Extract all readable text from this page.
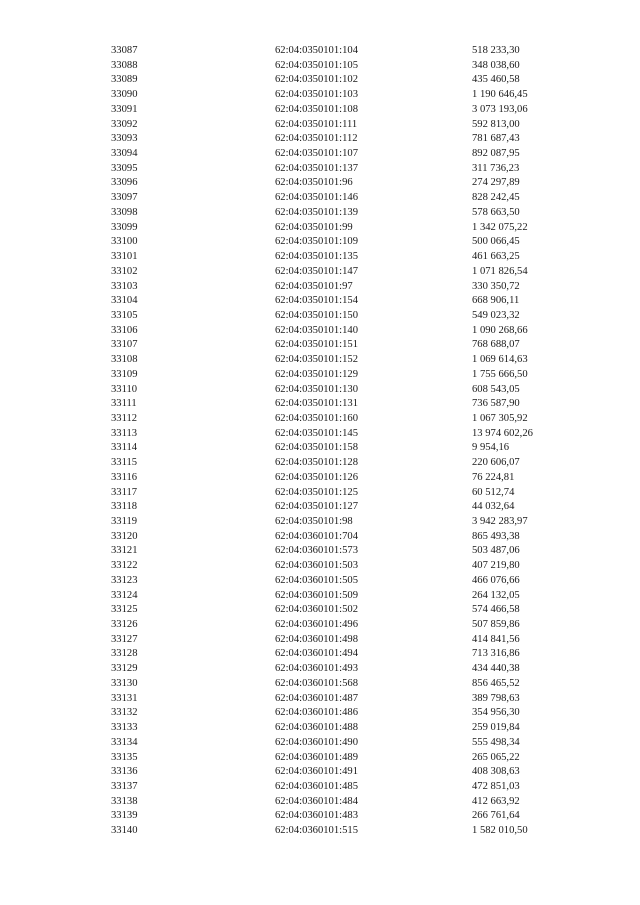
33087	62:04:0350101:104	518 233,30
33088	62:04:0350101:105	348 038,60
33089	62:04:0350101:102	435 460,58
33090	62:04:0350101:103	1 190 646,45
33091	62:04:0350101:108	3 073 193,06
33092	62:04:0350101:111	592 813,00
33093	62:04:0350101:112	781 687,43
33094	62:04:0350101:107	892 087,95
33095	62:04:0350101:137	311 736,23
33096	62:04:0350101:96	274 297,89
33097	62:04:0350101:146	828 242,45
33098	62:04:0350101:139	578 663,50
33099	62:04:0350101:99	1 342 075,22
33100	62:04:0350101:109	500 066,45
33101	62:04:0350101:135	461 663,25
33102	62:04:0350101:147	1 071 826,54
33103	62:04:0350101:97	330 350,72
33104	62:04:0350101:154	668 906,11
33105	62:04:0350101:150	549 023,32
33106	62:04:0350101:140	1 090 268,66
33107	62:04:0350101:151	768 688,07
33108	62:04:0350101:152	1 069 614,63
33109	62:04:0350101:129	1 755 666,50
33110	62:04:0350101:130	608 543,05
33111	62:04:0350101:131	736 587,90
33112	62:04:0350101:160	1 067 305,92
33113	62:04:0350101:145	13 974 602,26
33114	62:04:0350101:158	9 954,16
33115	62:04:0350101:128	220 606,07
33116	62:04:0350101:126	76 224,81
33117	62:04:0350101:125	60 512,74
33118	62:04:0350101:127	44 032,64
33119	62:04:0350101:98	3 942 283,97
33120	62:04:0360101:704	865 493,38
33121	62:04:0360101:573	503 487,06
33122	62:04:0360101:503	407 219,80
33123	62:04:0360101:505	466 076,66
33124	62:04:0360101:509	264 132,05
33125	62:04:0360101:502	574 466,58
33126	62:04:0360101:496	507 859,86
33127	62:04:0360101:498	414 841,56
33128	62:04:0360101:494	713 316,86
33129	62:04:0360101:493	434 440,38
33130	62:04:0360101:568	856 465,52
33131	62:04:0360101:487	389 798,63
33132	62:04:0360101:486	354 956,30
33133	62:04:0360101:488	259 019,84
33134	62:04:0360101:490	555 498,34
33135	62:04:0360101:489	265 065,22
33136	62:04:0360101:491	408 308,63
33137	62:04:0360101:485	472 851,03
33138	62:04:0360101:484	412 663,92
33139	62:04:0360101:483	266 761,64
33140	62:04:0360101:515	1 582 010,50
